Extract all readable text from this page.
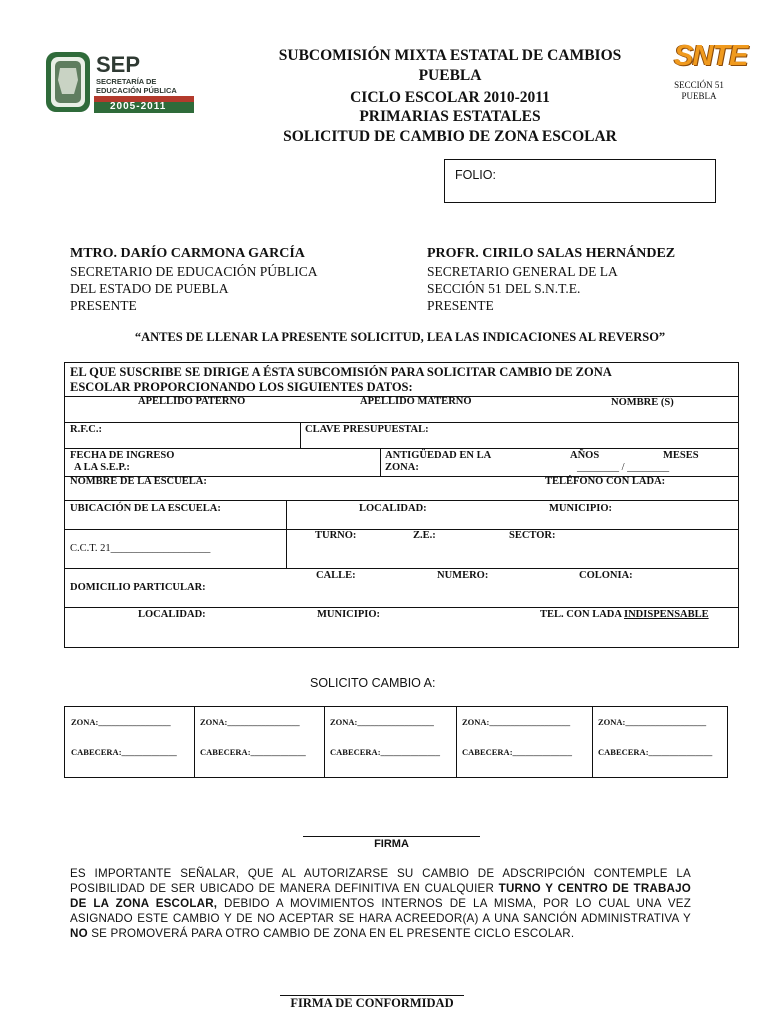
SEP
SECRETARÍA DE
EDUCACIÓN PÚBLICA
2005-2011
SUBCOMISIÓN MIXTA ESTATAL DE CAMBIOS
PUEBLA
CICLO ESCOLAR 2010-2011
PRIMARIAS ESTATALES
SOLICITUD DE CAMBIO DE ZONA ESCOLAR
SNTE
SECCIÓN 51
PUEBLA
FOLIO:
MTRO. DARÍO CARMONA GARCÍA
SECRETARIO DE EDUCACIÓN PÚBLICA
DEL ESTADO DE PUEBLA
PRESENTE
PROFR. CIRILO SALAS HERNÁNDEZ
SECRETARIO GENERAL DE LA
SECCIÓN 51 DEL S.N.T.E.
PRESENTE
“ANTES DE LLENAR LA PRESENTE SOLICITUD, LEA LAS INDICACIONES AL REVERSO”
EL QUE SUSCRIBE SE DIRIGE A ÉSTA SUBCOMISIÓN PARA SOLICITAR CAMBIO DE ZONA
ESCOLAR PROPORCIONANDO LOS SIGUIENTES DATOS:
APELLIDO PATERNO	APELLIDO MATERNO	NOMBRE (S)
R.F.C.:	CLAVE PRESUPUESTAL:
FECHA DE INGRESO
A LA S.E.P.:
ANTIGÜEDAD EN LA
ZONA:
AÑOS	MESES
________ / ________
NOMBRE DE LA ESCUELA:	TELÉFONO CON LADA:
UBICACIÓN DE LA ESCUELA:	LOCALIDAD:	MUNICIPIO:
C.C.T. 21___________________
TURNO:	Z.E.:	SECTOR:
CALLE:	NUMERO:	COLONIA:
DOMICILIO PARTICULAR:
LOCALIDAD:	MUNICIPIO:	TEL. CON LADA INDISPENSABLE
SOLICITO CAMBIO A:
ZONA:_________________
CABECERA:_____________
ZONA:_________________
CABECERA:_____________
ZONA:__________________
CABECERA:______________
ZONA:___________________
CABECERA:______________
ZONA:___________________
CABECERA:_______________
FIRMA
ES IMPORTANTE SEÑALAR, QUE AL AUTORIZARSE SU CAMBIO DE ADSCRIPCIÓN CONTEMPLE LA POSIBILIDAD DE SER UBICADO DE MANERA DEFINITIVA EN CUALQUIER TURNO Y CENTRO DE TRABAJO DE LA ZONA ESCOLAR, DEBIDO A MOVIMIENTOS INTERNOS DE LA MISMA, POR LO CUAL UNA VEZ ASIGNADO ESTE CAMBIO Y DE NO ACEPTAR SE HARA ACREEDOR(A) A UNA SANCIÓN ADMINISTRATIVA Y NO SE PROMOVERÁ PARA OTRO CAMBIO DE ZONA EN EL PRESENTE CICLO ESCOLAR.
FIRMA DE CONFORMIDAD
